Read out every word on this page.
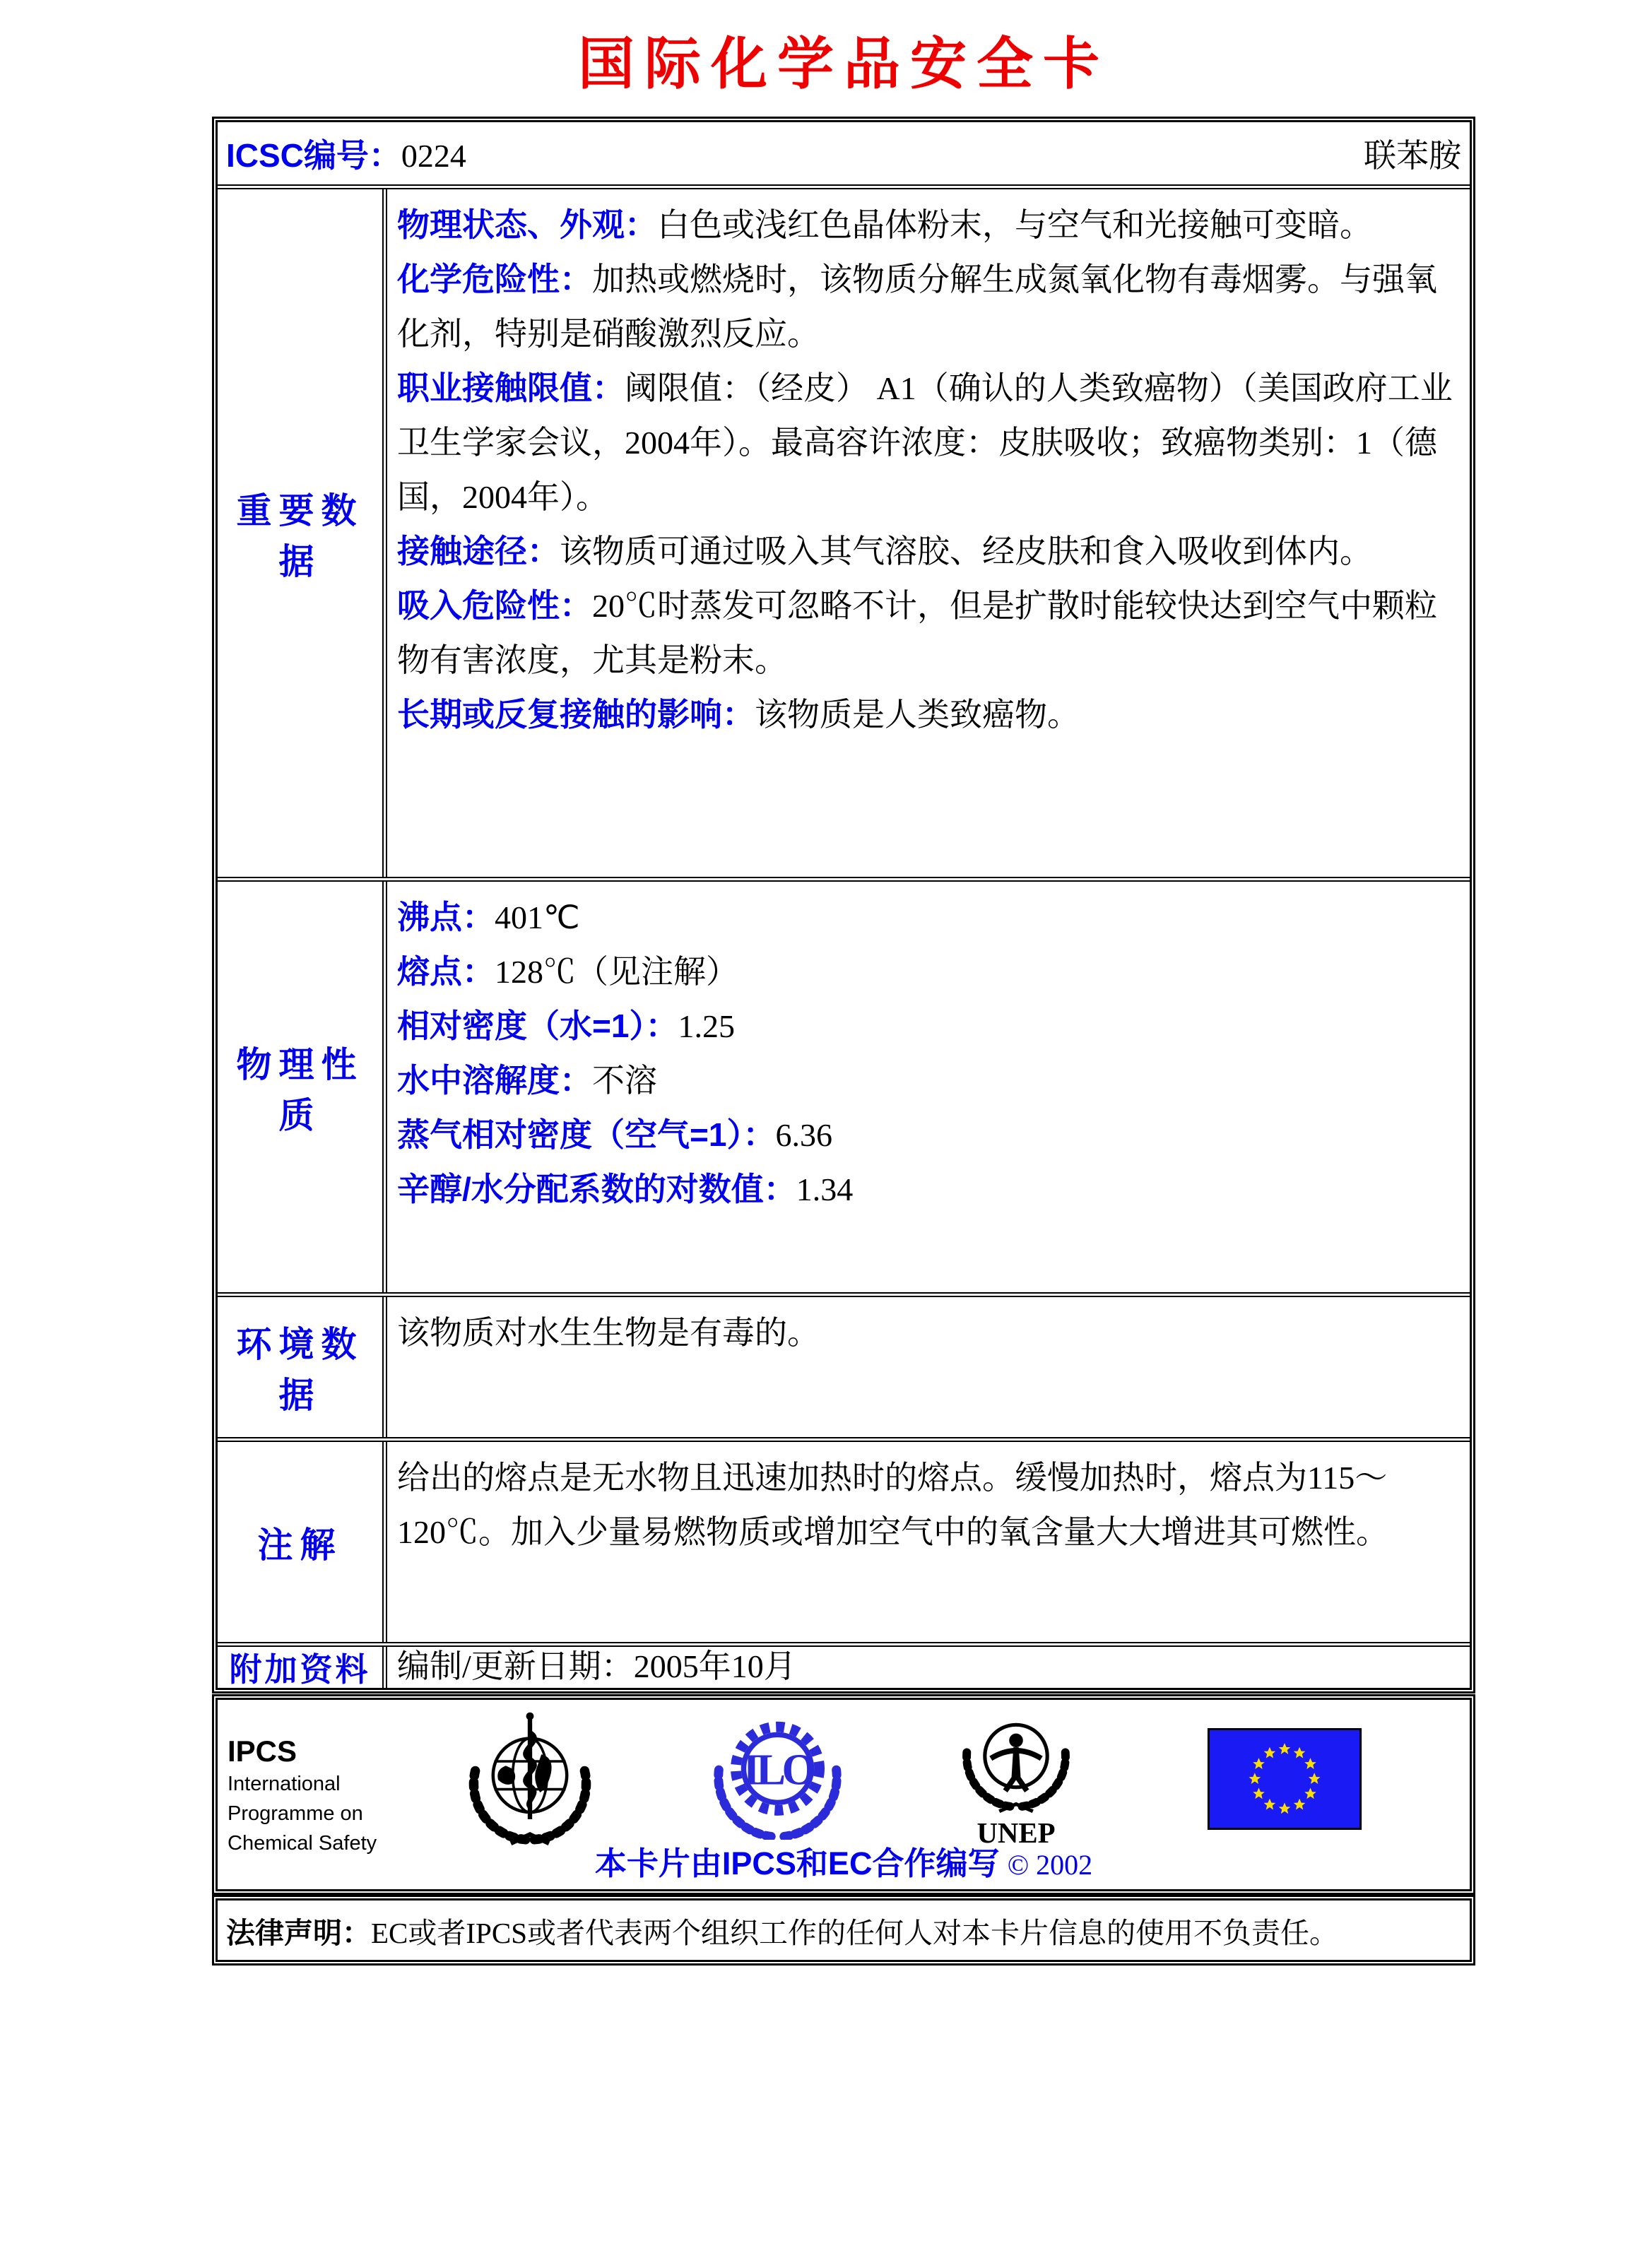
国际化学品安全卡
ICSC编号：0224	联苯胺
重要数据
物理状态、外观：白色或浅红色晶体粉末，与空气和光接触可变暗。
化学危险性：加热或燃烧时，该物质分解生成氮氧化物有毒烟雾。与强氧化剂，特别是硝酸激烈反应。
职业接触限值：阈限值：（经皮） A1（确认的人类致癌物）（美国政府工业卫生学家会议，2004年）。最高容许浓度：皮肤吸收；致癌物类别：1（德国，2004年）。
接触途径：该物质可通过吸入其气溶胶、经皮肤和食入吸收到体内。
吸入危险性：20℃时蒸发可忽略不计，但是扩散时能较快达到空气中颗粒物有害浓度，尤其是粉末。
长期或反复接触的影响：该物质是人类致癌物。
物理性质
沸点：401℃
熔点：128℃（见注解）
相对密度（水=1）：1.25
水中溶解度：不溶
蒸气相对密度（空气=1）：6.36
辛醇/水分配系数的对数值：1.34
环境数据
该物质对水生生物是有毒的。
注解
给出的熔点是无水物且迅速加热时的熔点。缓慢加热时，熔点为115～120℃。加入少量易燃物质或增加空气中的氧含量大大增进其可燃性。
附加资料 编制/更新日期：2005年10月
IPCS
International
Programme on
Chemical Safety
ILO
UNEP
本卡片由IPCS和EC合作编写 © 2002
法律声明： EC或者IPCS或者代表两个组织工作的任何人对本卡片信息的使用不负责任。
